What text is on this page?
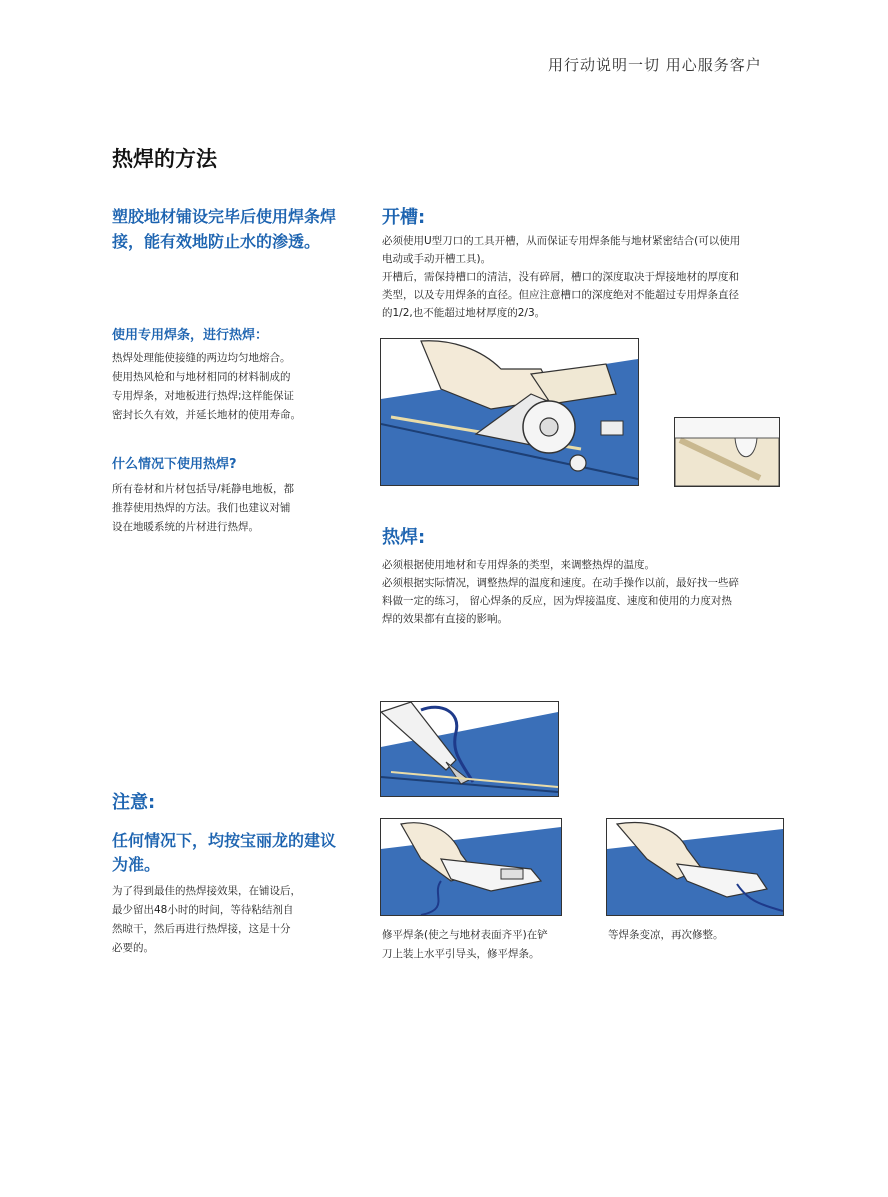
用行动说明一切 用心服务客户
热焊的方法
塑胶地材铺设完毕后使用焊条焊接，能有效地防止水的渗透。
使用专用焊条，进行热焊：
热焊处理能使接缝的两边均匀地熔合。
使用热风枪和与地材相同的材料制成的
专用焊条，对地板进行热焊;这样能保证
密封长久有效，并延长地材的使用寿命。
什么情况下使用热焊?
所有卷材和片材包括导/耗静电地板，都
推荐使用热焊的方法。我们也建议对铺
设在地暖系统的片材进行热焊。
注意:
任何情况下，均按宝丽龙的建议为准。
为了得到最佳的热焊接效果，在铺设后，
最少留出48小时的时间，等待粘结剂自
然晾干，然后再进行热焊接，这是十分
必要的。
开槽:
必须使用U型刀口的工具开槽，从而保证专用焊条能与地材紧密结合(可以使用
电动或手动开槽工具)。
开槽后，需保持槽口的清洁，没有碎屑，槽口的深度取决于焊接地材的厚度和
类型，以及专用焊条的直径。但应注意槽口的深度绝对不能超过专用焊条直径
的1/2,也不能超过地材厚度的2/3。
热焊:
必须根据使用地材和专用焊条的类型，来调整热焊的温度。
必须根据实际情况，调整热焊的温度和速度。在动手操作以前，最好找一些碎
料做一定的练习， 留心焊条的反应，因为焊接温度、速度和使用的力度对热
焊的效果都有直接的影响。
修平焊条(使之与地材表面齐平)在铲
刀上装上水平引导头，修平焊条。
等焊条变凉，再次修整。
